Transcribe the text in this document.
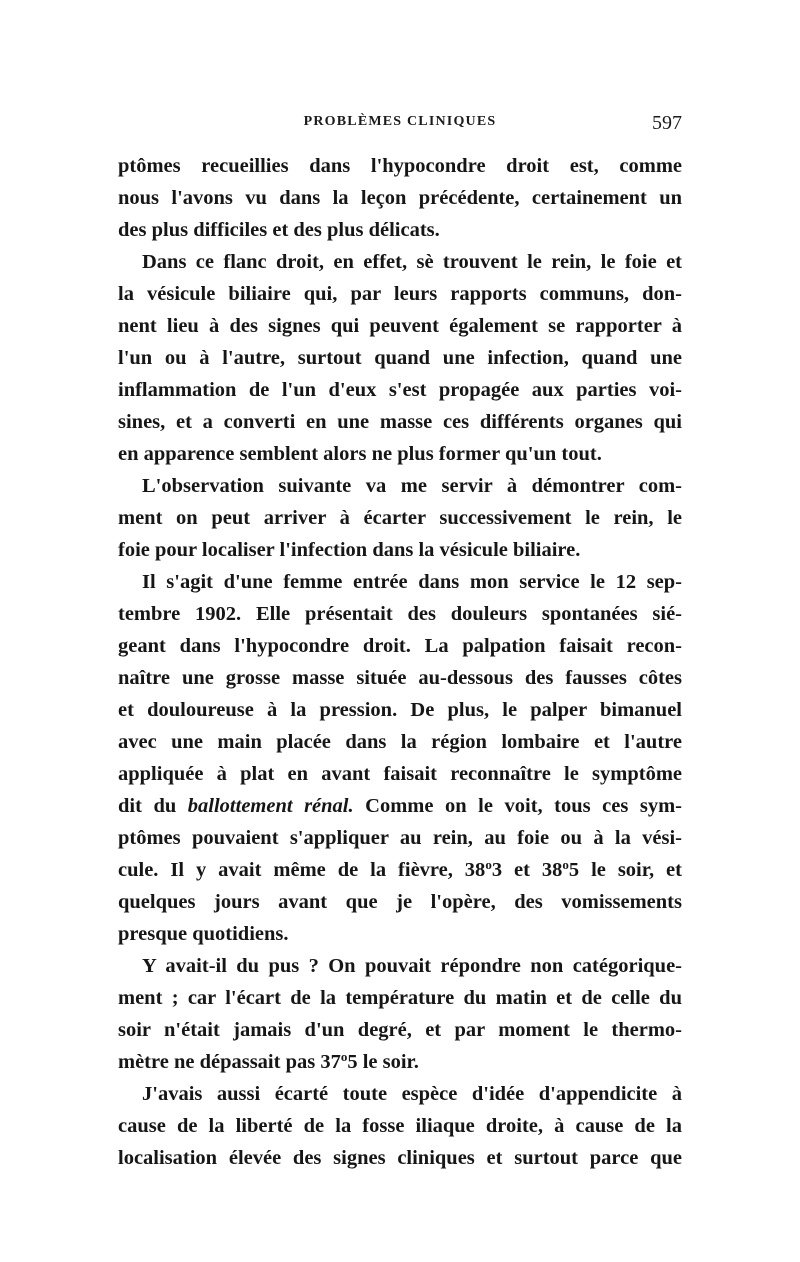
PROBLÈMES CLINIQUES	597
ptômes recueillies dans l'hypocondre droit est, comme
nous l'avons vu dans la leçon précédente, certainement un
des plus difficiles et des plus délicats.
Dans ce flanc droit, en effet, sè trouvent le rein, le foie et
la vésicule biliaire qui, par leurs rapports communs, don-
nent lieu à des signes qui peuvent également se rapporter à
l'un ou à l'autre, surtout quand une infection, quand une
inflammation de l'un d'eux s'est propagée aux parties voi-
sines, et a converti en une masse ces différents organes qui
en apparence semblent alors ne plus former qu'un tout.
L'observation suivante va me servir à démontrer com-
ment on peut arriver à écarter successivement le rein, le
foie pour localiser l'infection dans la vésicule biliaire.
Il s'agit d'une femme entrée dans mon service le 12 sep-
tembre 1902. Elle présentait des douleurs spontanées sié-
geant dans l'hypocondre droit. La palpation faisait recon-
naître une grosse masse située au-dessous des fausses côtes
et douloureuse à la pression. De plus, le palper bimanuel
avec une main placée dans la région lombaire et l'autre
appliquée à plat en avant faisait reconnaître le symptôme
dit du ballottement rénal. Comme on le voit, tous ces sym-
ptômes pouvaient s'appliquer au rein, au foie ou à la vési-
cule. Il y avait même de la fièvre, 38$^o$3 et 38$^o$5 le soir, et
quelques jours avant que je l'opère, des vomissements
presque quotidiens.
Y avait-il du pus ? On pouvait répondre non catégorique-
ment ; car l'écart de la température du matin et de celle du
soir n'était jamais d'un degré, et par moment le thermo-
mètre ne dépassait pas 37$^o$5 le soir.
J'avais aussi écarté toute espèce d'idée d'appendicite à
cause de la liberté de la fosse iliaque droite, à cause de la
localisation élevée des signes cliniques et surtout parce que
